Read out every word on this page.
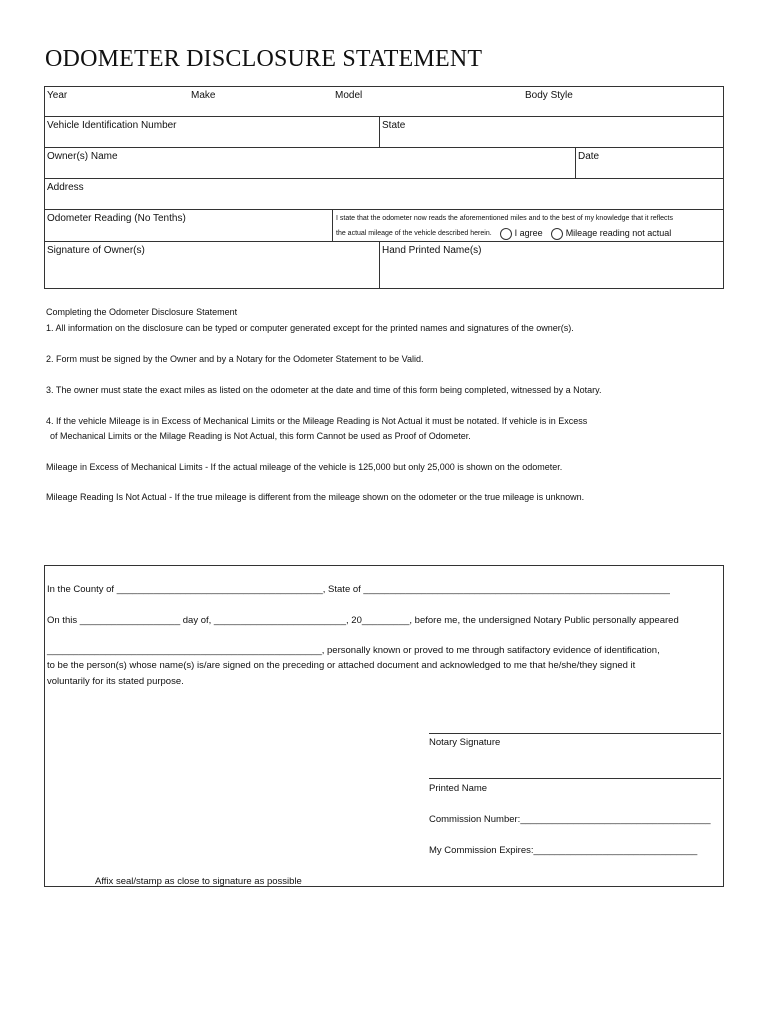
ODOMETER DISCLOSURE STATEMENT
Year	Make	Model	Body Style
Vehicle Identification Number	State
Owner(s) Name	Date
Address
Odometer Reading (No Tenths)	I state that the odometer now reads the aforementioned miles and to the best of my knowledge that it reflects
the actual mileage of the vehicle described herein.	I agree	Mileage reading not actual
Signature of Owner(s)	Hand Printed Name(s)

Completing the Odometer Disclosure Statement

1. All information on the disclosure can be typed or computer generated except for the printed names and signatures of the owner(s).

2. Form must be signed by the Owner and by a Notary for the Odometer Statement to be Valid.

3. The owner must state the exact miles as listed on the odometer at the date and time of this form being completed, witnessed by a Notary.

4. If the vehicle Mileage is in Excess of Mechanical Limits or the Mileage Reading is Not Actual it must be notated. If vehicle is in Excess

of Mechanical Limits or the Milage Reading is Not Actual, this form Cannot be used as Proof of Odometer.

Mileage in Excess of Mechanical Limits - If the actual mileage of the vehicle is 125,000 but only 25,000 is shown on the odometer.

Mileage Reading Is Not Actual - If the true mileage is different from the mileage shown on the odometer or the true mileage is unknown.

In the County of _______________________________________, State of __________________________________________________________
On this ___________________ day of, _________________________, 20_________, before me, the undersigned Notary Public personally appeared
____________________________________________________, personally known or proved to me through satifactory evidence of identification,
to be the person(s) whose name(s) is/are signed on the preceding or attached document and acknowledged to me that he/she/they signed it
voluntarily for its stated purpose.
Notary Signature
Printed Name
Commission Number:____________________________________
My Commission Expires:_______________________________
Affix seal/stamp as close to signature as possible
